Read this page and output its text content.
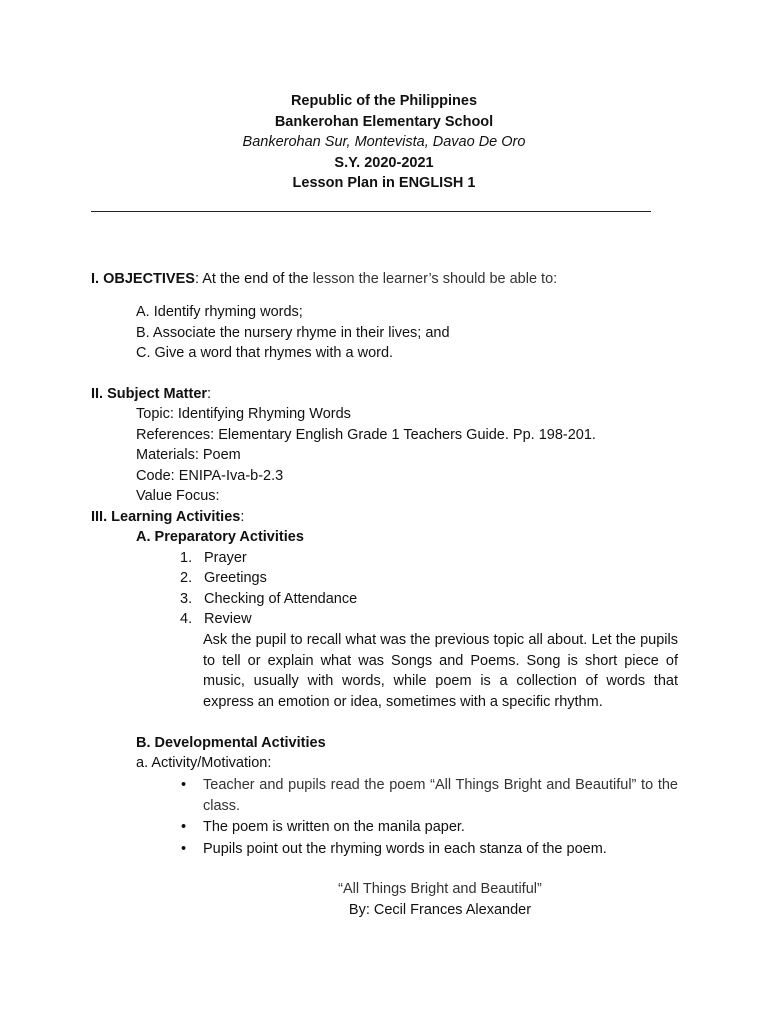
Republic of the Philippines
Bankerohan Elementary School
Bankerohan Sur, Montevista, Davao De Oro
S.Y. 2020-2021
Lesson Plan in ENGLISH 1
I. OBJECTIVES: At the end of the lesson the learner’s should be able to:
A. Identify rhyming words;
B. Associate the nursery rhyme in their lives; and
C. Give a word that rhymes with a word.
II. Subject Matter:
Topic: Identifying Rhyming Words
References: Elementary English Grade 1 Teachers Guide. Pp. 198-201.
Materials: Poem
Code: ENIPA-Iva-b-2.3
Value Focus:
III. Learning Activities:
A. Preparatory Activities
1. Prayer
2. Greetings
3. Checking of Attendance
4. Review
Ask the pupil to recall what was the previous topic all about. Let the pupils to tell or explain what was Songs and Poems. Song is short piece of music, usually with words, while poem is a collection of words that express an emotion or idea, sometimes with a specific rhythm.
B. Developmental Activities
a. Activity/Motivation:
• Teacher and pupils read the poem “All Things Bright and Beautiful” to the class.
• The poem is written on the manila paper.
• Pupils point out the rhyming words in each stanza of the poem.
“All Things Bright and Beautiful”
By: Cecil Frances Alexander
